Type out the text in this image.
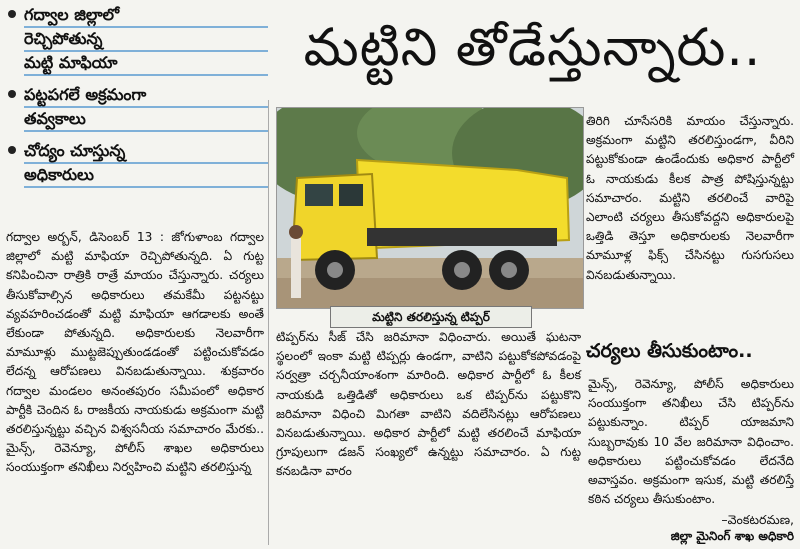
గద్వాల జిల్లాలో
రెచ్చిపోతున్న
మట్టి మాఫియా
పట్టపగలే అక్రమంగా
తవ్వకాలు
చోద్యం చూస్తున్న
అధికారులు
మట్టిని తోడేస్తున్నారు..
మట్టిని తరలిస్తున్న టిప్పర్

గద్వాల అర్బన్, డిసెంబర్ 13 : జోగుళాంబ గద్వాల జిల్లాలో మట్టి మాఫియా రెచ్చిపోతున్నది. ఏ గుట్ట కనిపించినా రాత్రికి రాత్రే మాయం చేస్తున్నారు. చర్యలు తీసుకోవాల్సిన అధికారులు తమకేమీ పట్టనట్టు వ్యవహరించడంతో మట్టి మాఫియా ఆగడాలకు అంతే లేకుండా పోతున్నది. అధికారులకు నెలవారీగా మామూళ్లు ముట్టజెప్పుతుండడంతో పట్టించుకోవడం లేదన్న ఆరోపణలు వినబడుతున్నాయి. శుక్రవారం గద్వాల మండలం అనంతపురం సమీపంలో అధికార పార్టీకి చెందిన ఓ రాజకీయ నాయకుడు అక్రమంగా మట్టి తరలిస్తున్నట్టు వచ్చిన విశ్వసనీయ సమాచారం మేరకు.. మైన్స్, రెవెన్యూ, పోలీస్ శాఖల అధికారులు సంయుక్తంగా తనిఖీలు నిర్వహించి మట్టిని తరలిస్తున్న

టిప్పర్‌ను సీజ్ చేసి జరిమానా విధించారు. అయితే ఘటనా స్థలంలో ఇంకా మట్టి టిప్పర్లు ఉండగా, వాటిని పట్టుకోకపోవడంపై సర్వత్రా చర్చనీయాంశంగా మారింది. అధికార పార్టీలో ఓ కీలక నాయకుడి ఒత్తిడితో అధికారులు ఒక టిప్పర్‌ను పట్టుకొని జరిమానా విధించి మిగతా వాటిని వదిలేసినట్లు ఆరోపణలు వినబడుతున్నాయి. అధికార పార్టీలో మట్టి తరలించే మాఫియా గ్రూపులుగా డజన్ సంఖ్యలో ఉన్నట్టు సమాచారం. ఏ గుట్ట కనబడినా వారం

తిరిగి చూసేసరికి మాయం చేస్తున్నారు. అక్రమంగా మట్టిని తరలిస్తుండగా, వీరిని పట్టుకోకుండా ఉండేందుకు అధికార పార్టీలో ఓ నాయకుడు కీలక పాత్ర పోషిస్తున్నట్టు సమాచారం. మట్టిని తరలించే వారిపై ఎలాంటి చర్యలు తీసుకోవద్దని అధికారులపై ఒత్తిడి తెస్తూ అధికారులకు నెలవారీగా మామూళ్ల ఫిక్స్ చేసినట్టు గుసగుసలు వినబడుతున్నాయి.

చర్యలు తీసుకుంటాం..

మైన్స్, రెవెన్యూ, పోలీస్ అధికారులు సంయుక్తంగా తనిఖీలు చేసి టిప్పర్‌ను పట్టుకున్నాం. టిప్పర్ యాజమాని సుబ్బరావుకు 10 వేల జరిమానా విధించాం. అధికారులు పట్టించుకోవడం లేదనేది అవాస్తవం. అక్రమంగా ఇసుక, మట్టి తరలిస్తే కఠిన చర్యలు తీసుకుంటాం.

–వెంకటరమణ,
జిల్లా మైనింగ్ శాఖ అధికారి
